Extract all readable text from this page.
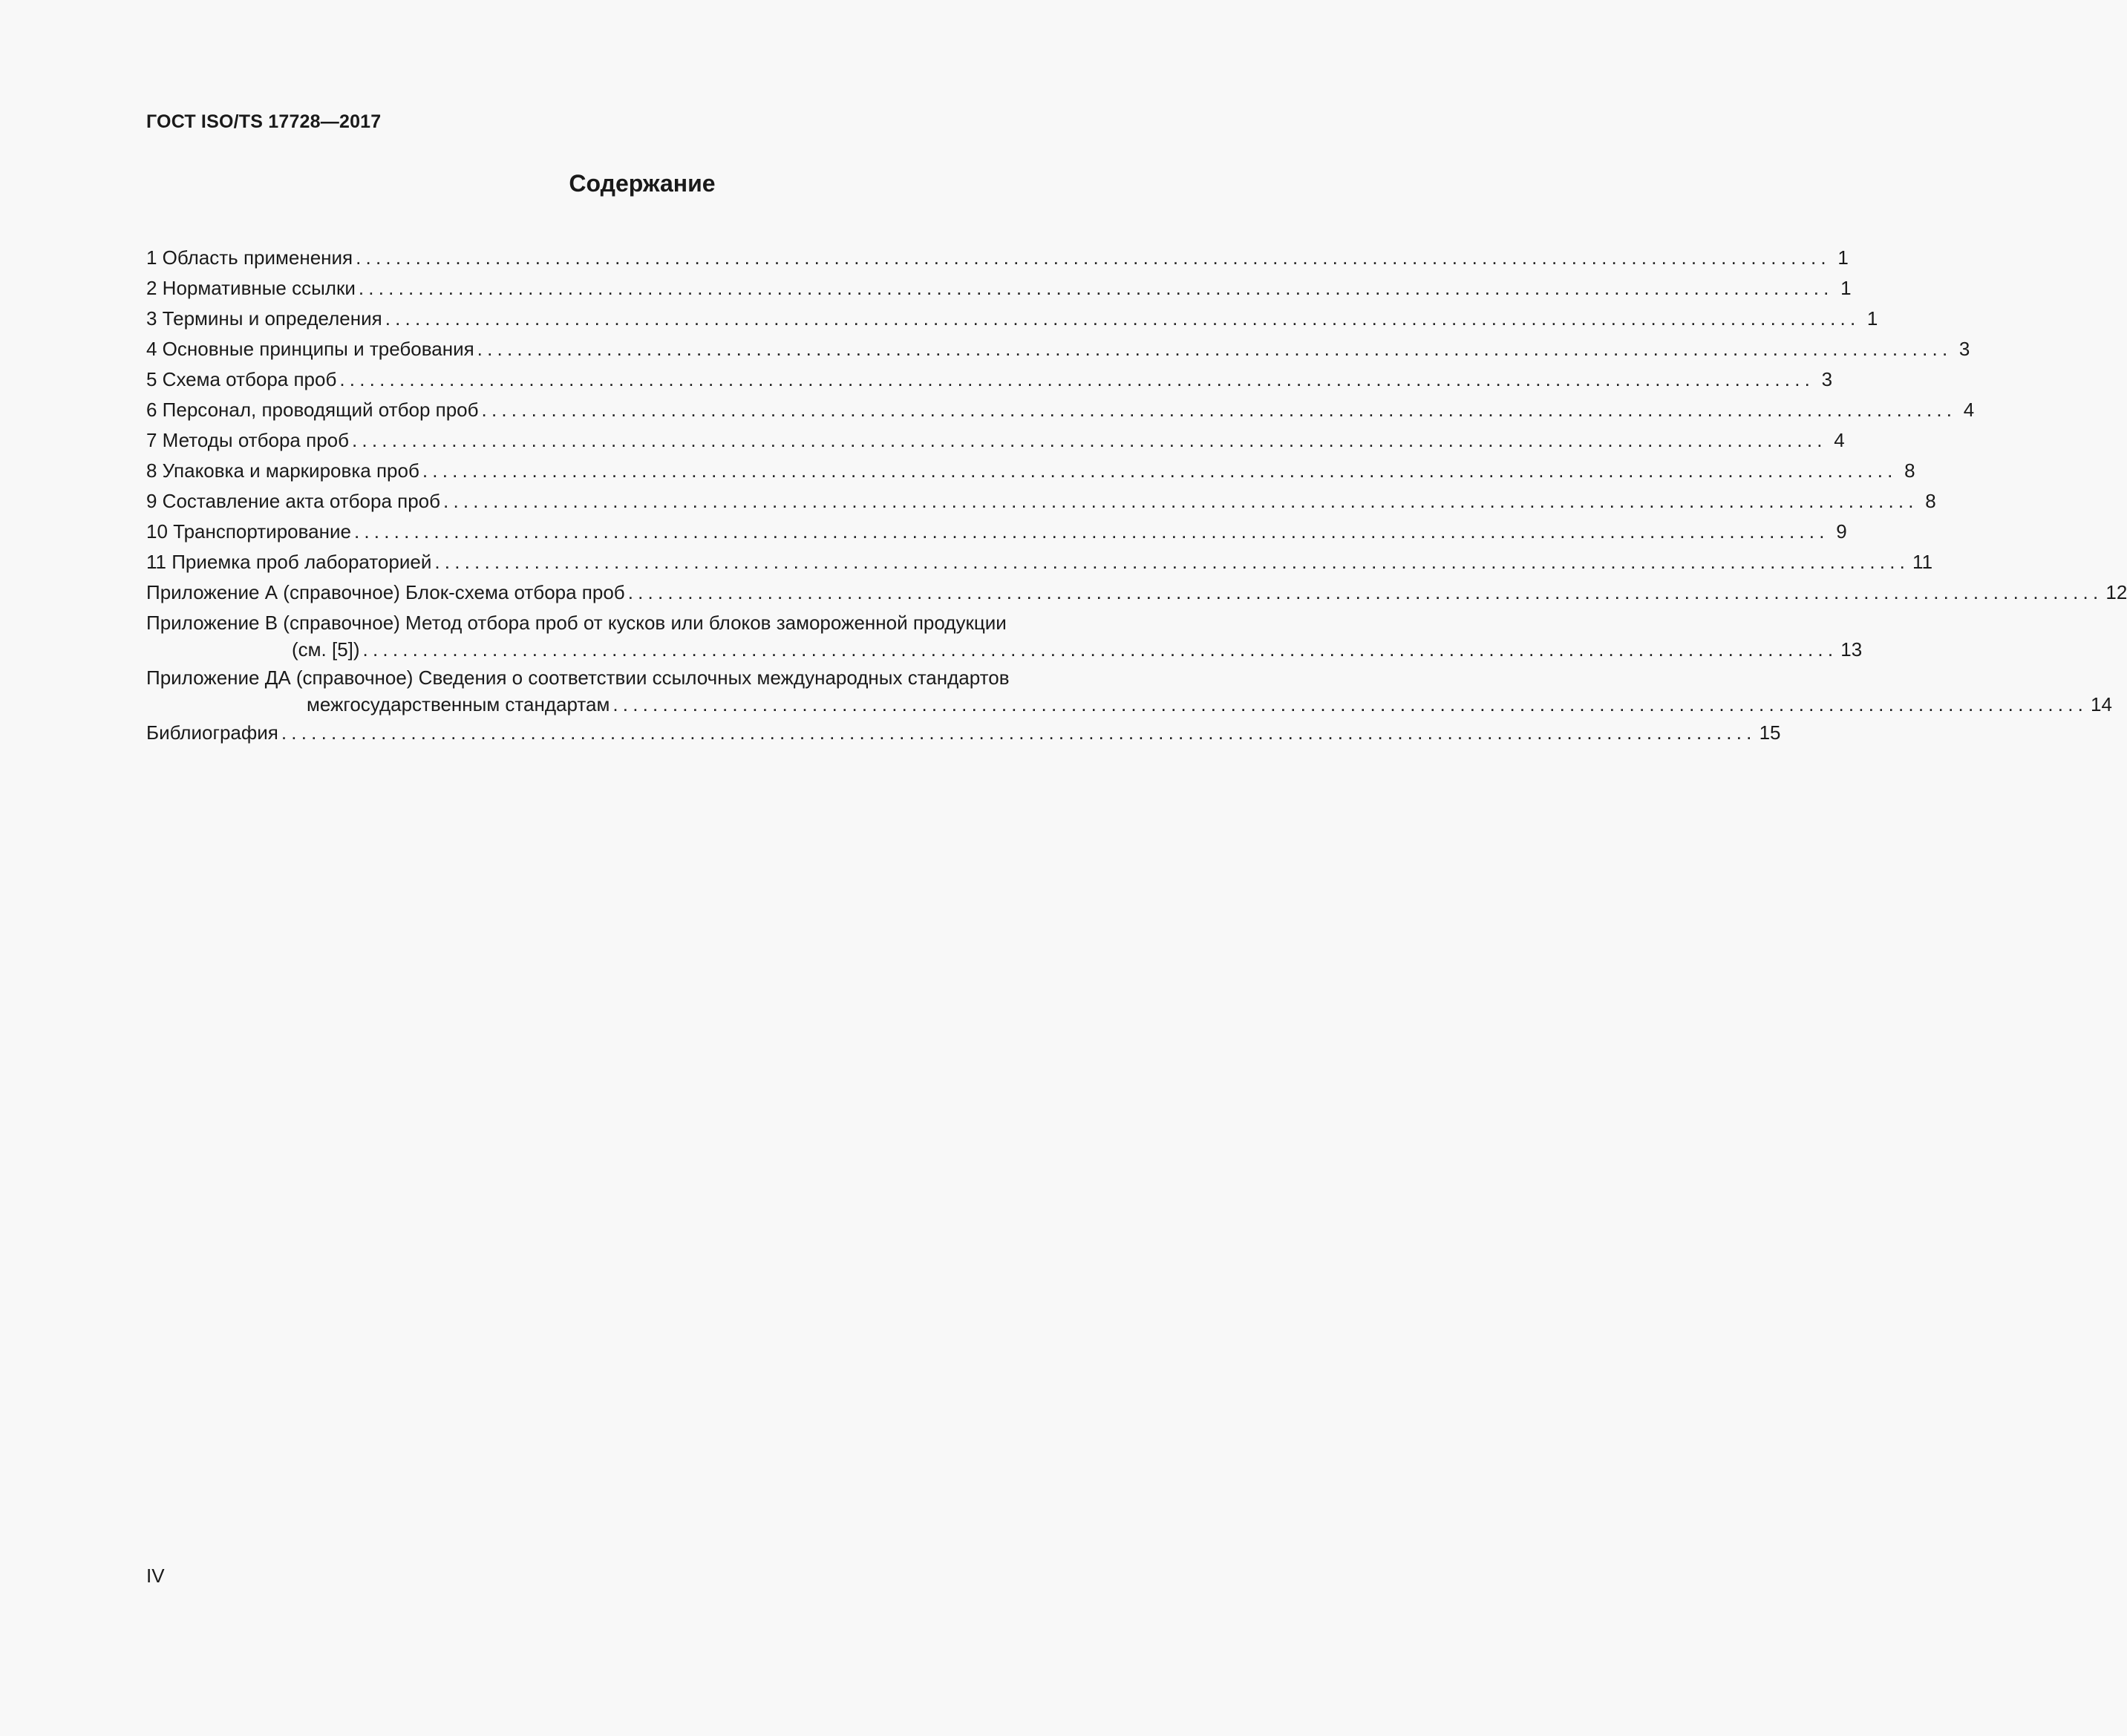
ГОСТ ISO/TS 17728—2017
Содержание
1 Область применения .................................................................................................................................................... 1
2 Нормативные ссылки .................................................................................................................................................... 1
3 Термины и определения .................................................................................................................................................... 1
4 Основные принципы и требования .................................................................................................................................................... 3
5 Схема отбора проб .................................................................................................................................................... 3
6 Персонал, проводящий отбор проб .................................................................................................................................................... 4
7 Методы отбора проб .................................................................................................................................................... 4
8 Упаковка и маркировка проб .................................................................................................................................................... 8
9 Составление акта отбора проб .................................................................................................................................................... 8
10 Транспортирование .................................................................................................................................................... 9
11 Приемка проб лабораторией .................................................................................................................................................... 11
Приложение А (справочное) Блок-схема отбора проб .................................................................................................................................................... 12
Приложение В (справочное) Метод отбора проб от кусков или блоков замороженной продукции
(см. [5]) .................................................................................................................................................... 13
Приложение ДА (справочное) Сведения о соответствии ссылочных международных стандартов
межгосударственным стандартам .................................................................................................................................................... 14
Библиография .................................................................................................................................................... 15
IV
